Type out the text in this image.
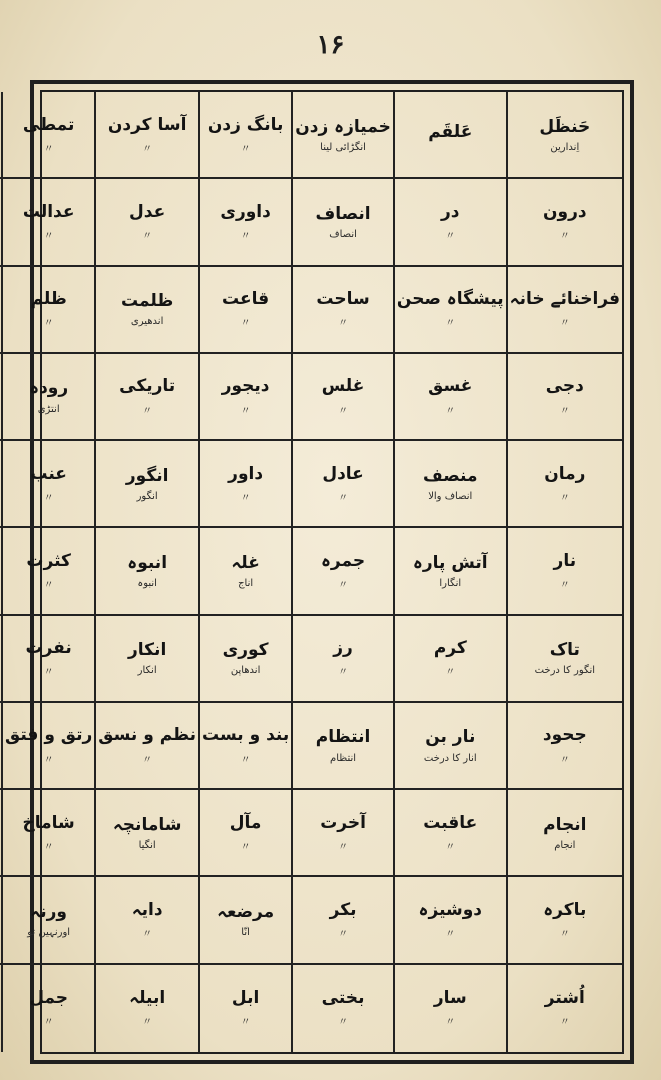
۱۶
حَنظَل
اِندارین
عَلقَم
خمیازہ زدن
انگڑائی لینا
بانگ زدن
〃
آسا کردن
〃
تمطی
〃
درون
〃
در
〃
انصاف
انصاف
داوری
〃
عدل
〃
عدالت
〃
فراخنائے خانہ
〃
پیشگاہ صحن
〃
ساحت
〃
قاعت
〃
ظلمت
اندھیری
ظلم
〃
دجی
〃
غسق
〃
غلس
〃
دیجور
〃
تاریکی
〃
رودہ
انتڑی
رمان
〃
منصف
انصاف والا
عادل
〃
داور
〃
انگور
انگور
عنب
〃
نار
〃
آتش پارہ
انگارا
جمرہ
〃
غلہ
اناج
انبوہ
انبوہ
کثرت
〃
تاک
انگور کا درخت
کرم
〃
رز
〃
کوری
اندھاپن
انکار
انکار
نفرت
〃
جحود
〃
نار بن
انار کا درخت
انتظام
انتظام
بند و بست
〃
نظم و نسق
〃
رتق و فتق
〃
انجام
انجام
عاقبت
〃
آخرت
〃
مآل
〃
شامانچہ
انگیا
شاماخ
〃
باکرہ
〃
دوشیزہ
〃
بکر
〃
مرضعہ
انّا
دایہ
〃
ورنہ
اورنہیں تو
اُشتر
〃
سار
〃
بختی
〃
ابل
〃
ابیلہ
〃
جمل
〃
